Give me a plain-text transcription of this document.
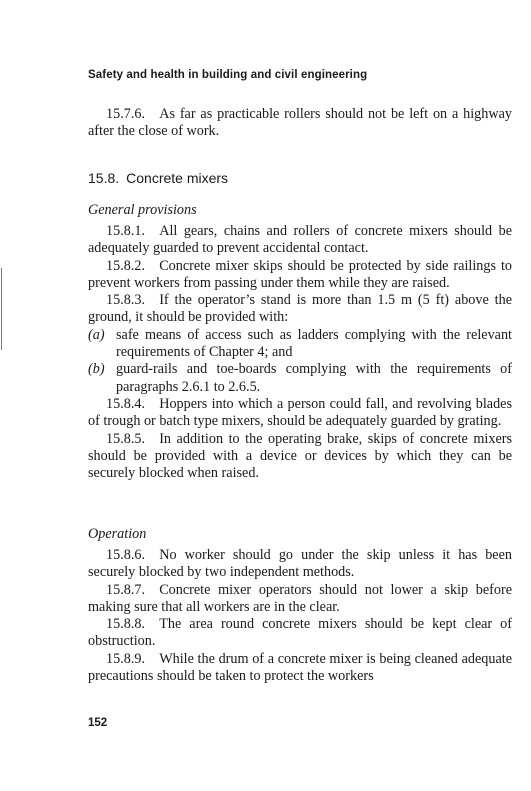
Safety and health in building and civil engineering

15.7.6. As far as practicable rollers should not be left on a highway after the close of work.

15.8. Concrete mixers
General provisions

15.8.1. All gears, chains and rollers of concrete mixers should be adequately guarded to prevent accidental contact.

15.8.2. Concrete mixer skips should be protected by side railings to prevent workers from passing under them while they are raised.

15.8.3. If the operator’s stand is more than 1.5 m (5 ft) above the ground, it should be provided with:

(a) safe means of access such as ladders complying with the relevant requirements of Chapter 4; and

(b) guard-rails and toe-boards complying with the requirements of paragraphs 2.6.1 to 2.6.5.

15.8.4. Hoppers into which a person could fall, and revolving blades of trough or batch type mixers, should be adequately guarded by grating.

15.8.5. In addition to the operating brake, skips of concrete mixers should be provided with a device or devices by which they can be securely blocked when raised.

Operation

15.8.6. No worker should go under the skip unless it has been securely blocked by two independent methods.

15.8.7. Concrete mixer operators should not lower a skip before making sure that all workers are in the clear.

15.8.8. The area round concrete mixers should be kept clear of obstruction.

15.8.9. While the drum of a concrete mixer is being cleaned adequate precautions should be taken to protect the workers

152
